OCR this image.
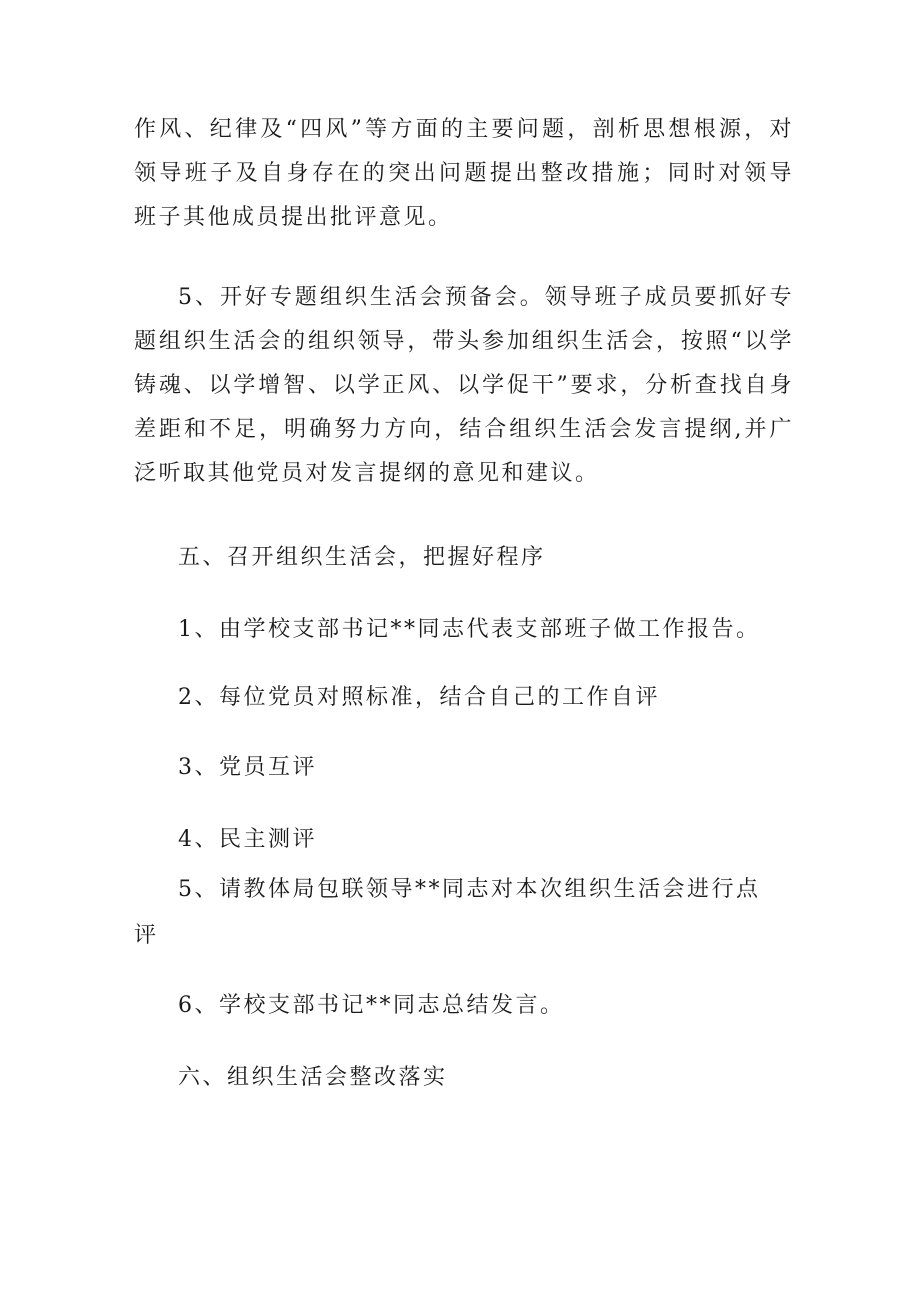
作风、纪律及“四风”等方面的主要问题，剖析思想根源，对领导班子及自身存在的突出问题提出整改措施；同时对领导班子其他成员提出批评意见。

5、开好专题组织生活会预备会。领导班子成员要抓好专题组织生活会的组织领导，带头参加组织生活会，按照“以学铸魂、以学增智、以学正风、以学促干”要求，分析查找自身差距和不足，明确努力方向，结合组织生活会发言提纲,并广泛听取其他党员对发言提纲的意见和建议。

五、召开组织生活会，把握好程序

1、由学校支部书记**同志代表支部班子做工作报告。

2、每位党员对照标准，结合自己的工作自评

3、党员互评

4、民主测评

5、请教体局包联领导**同志对本次组织生活会进行点

评

6、学校支部书记**同志总结发言。

六、组织生活会整改落实
